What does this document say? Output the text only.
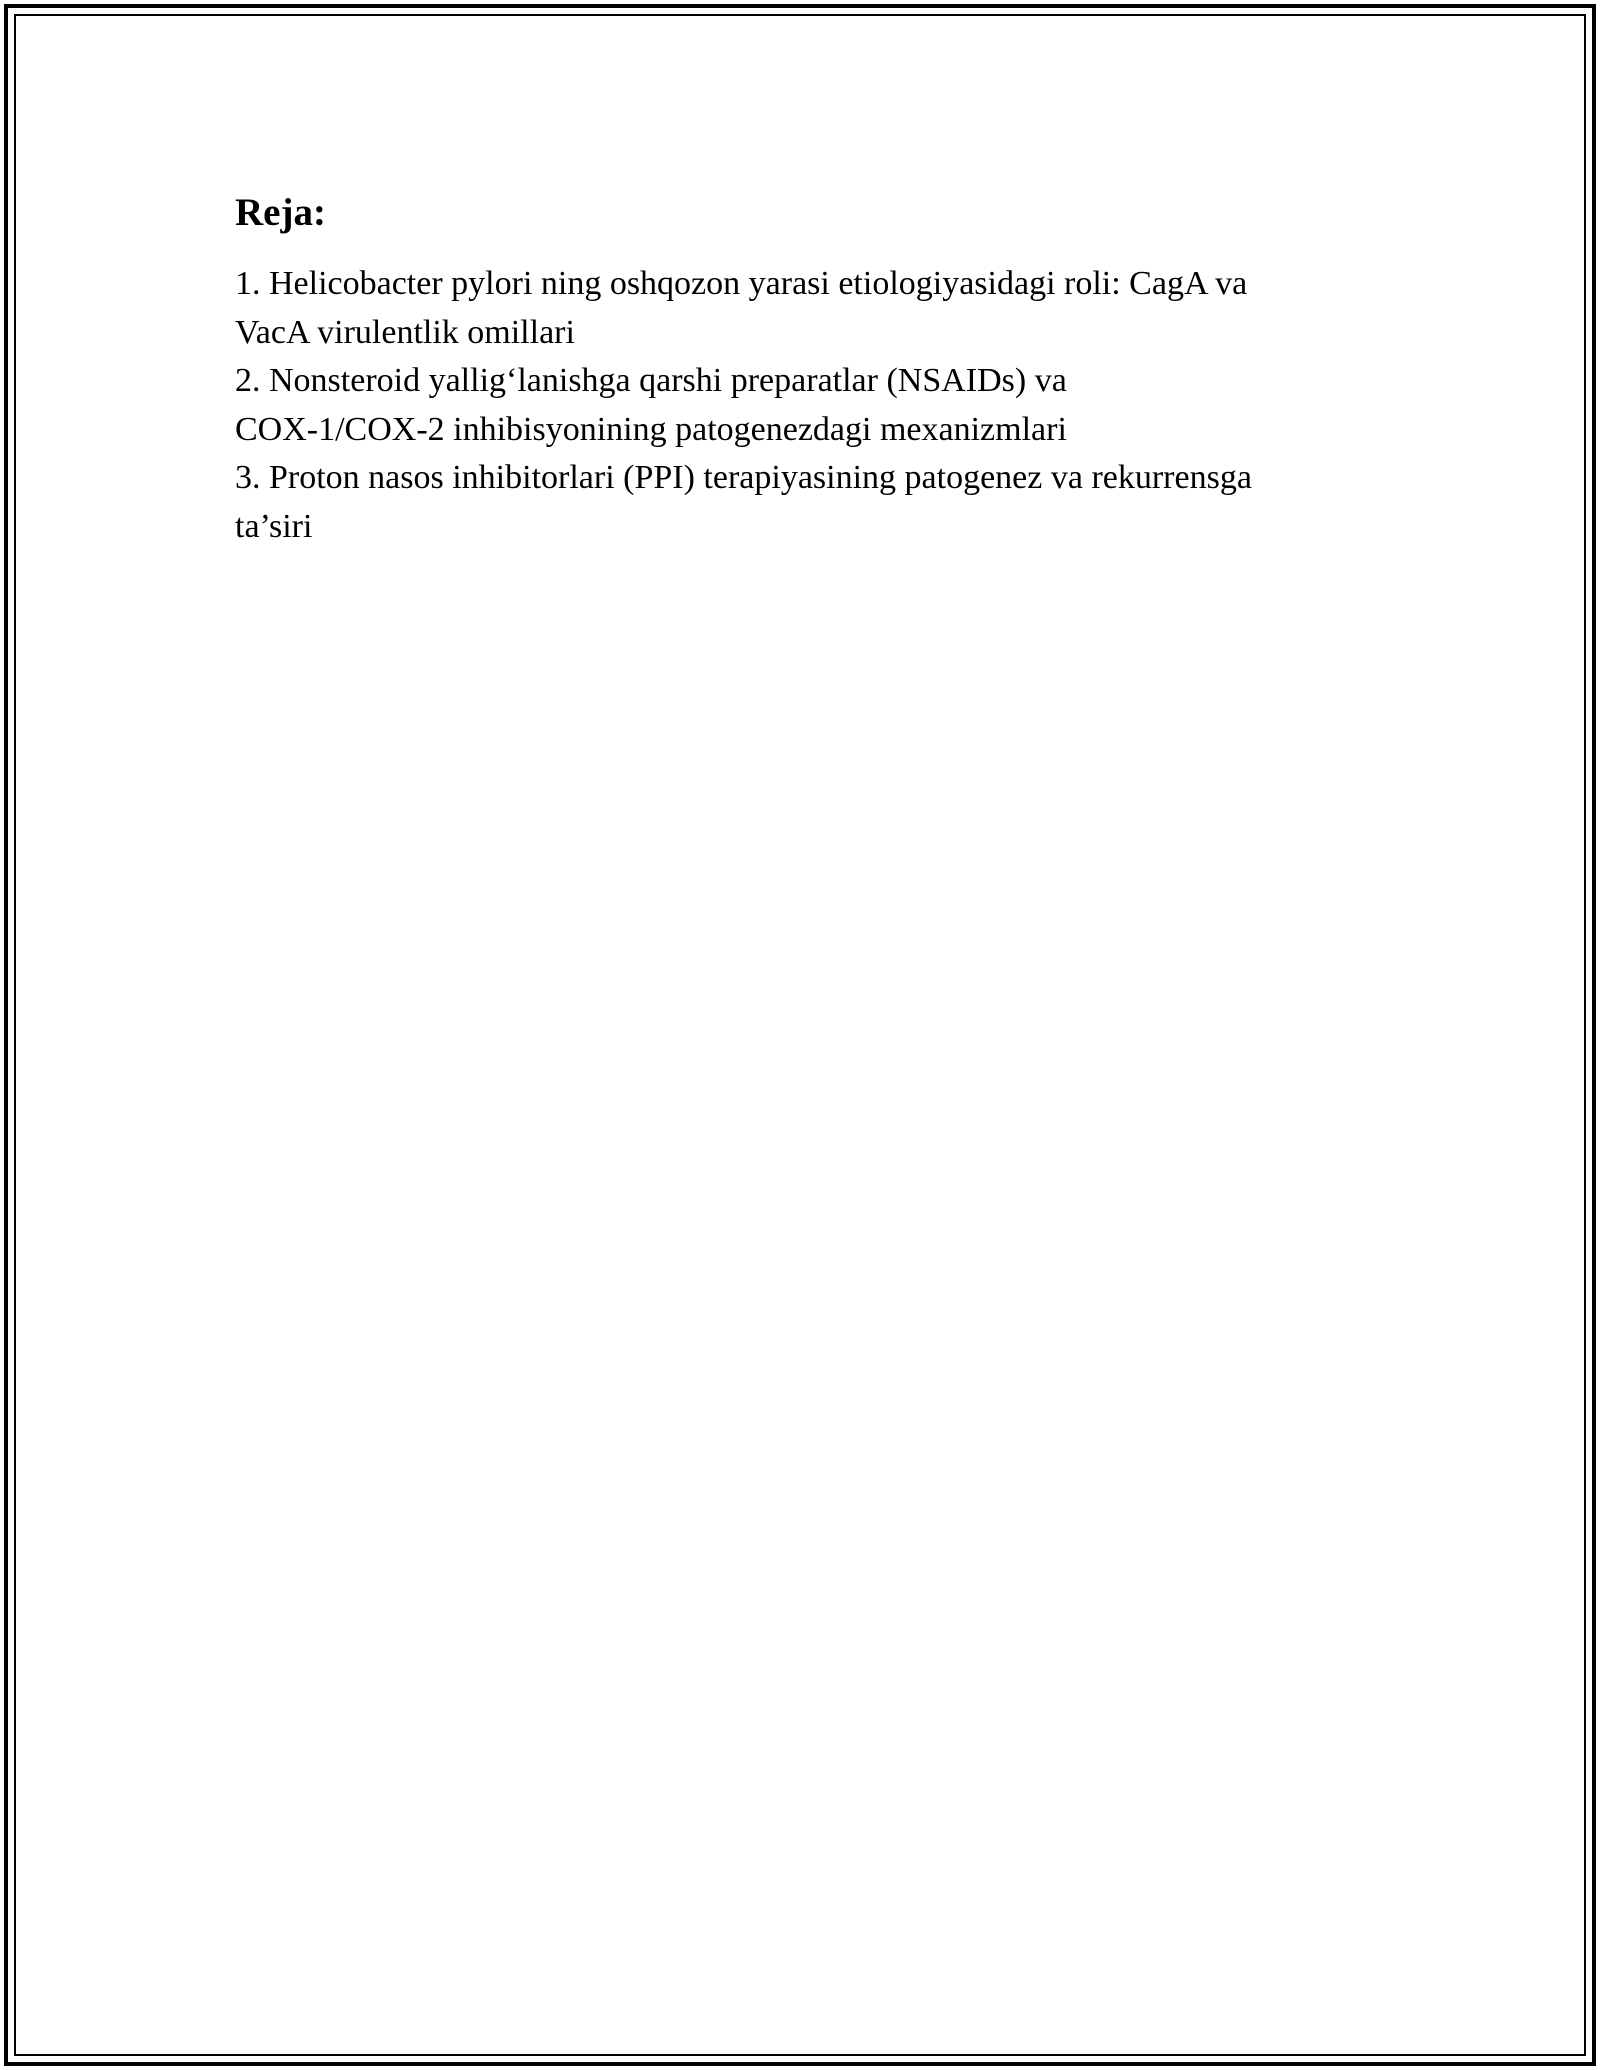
Reja:

1. Helicobacter pylori ning oshqozon yarasi etiologiyasidagi roli: CagA va
VacA virulentlik omillari

2. Nonsteroid yallig‘lanishga qarshi preparatlar (NSAIDs) va
COX-1/COX-2 inhibisyonining patogenezdagi mexanizmlari

3. Proton nasos inhibitorlari (PPI) terapiyasining patogenez va rekurrensga
ta’siri
